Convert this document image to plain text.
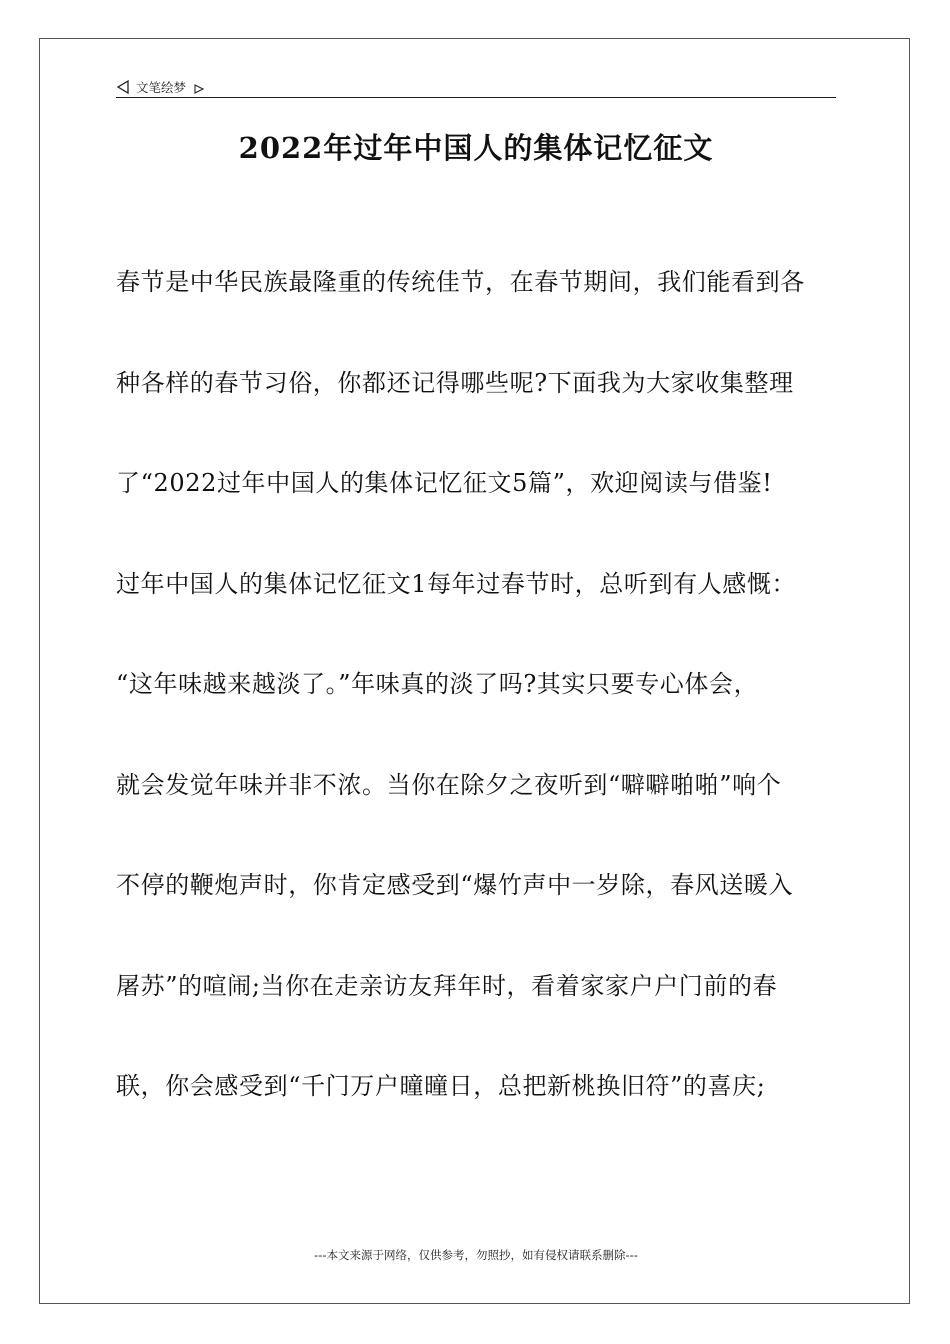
文笔绘梦
2022年过年中国人的集体记忆征文
春节是中华民族最隆重的传统佳节，在春节期间，我们能看到各
种各样的春节习俗，你都还记得哪些呢?下面我为大家收集整理
了“2022过年中国人的集体记忆征文5篇”，欢迎阅读与借鉴!
过年中国人的集体记忆征文1每年过春节时，总听到有人感慨：
“这年味越来越淡了。”年味真的淡了吗?其实只要专心体会，
就会发觉年味并非不浓。当你在除夕之夜听到“噼噼啪啪”响个
不停的鞭炮声时，你肯定感受到“爆竹声中一岁除，春风送暖入
屠苏”的喧闹;当你在走亲访友拜年时，看着家家户户门前的春
联，你会感受到“千门万户曈曈日，总把新桃换旧符”的喜庆;
---本文来源于网络，仅供参考，勿照抄，如有侵权请联系删除---
